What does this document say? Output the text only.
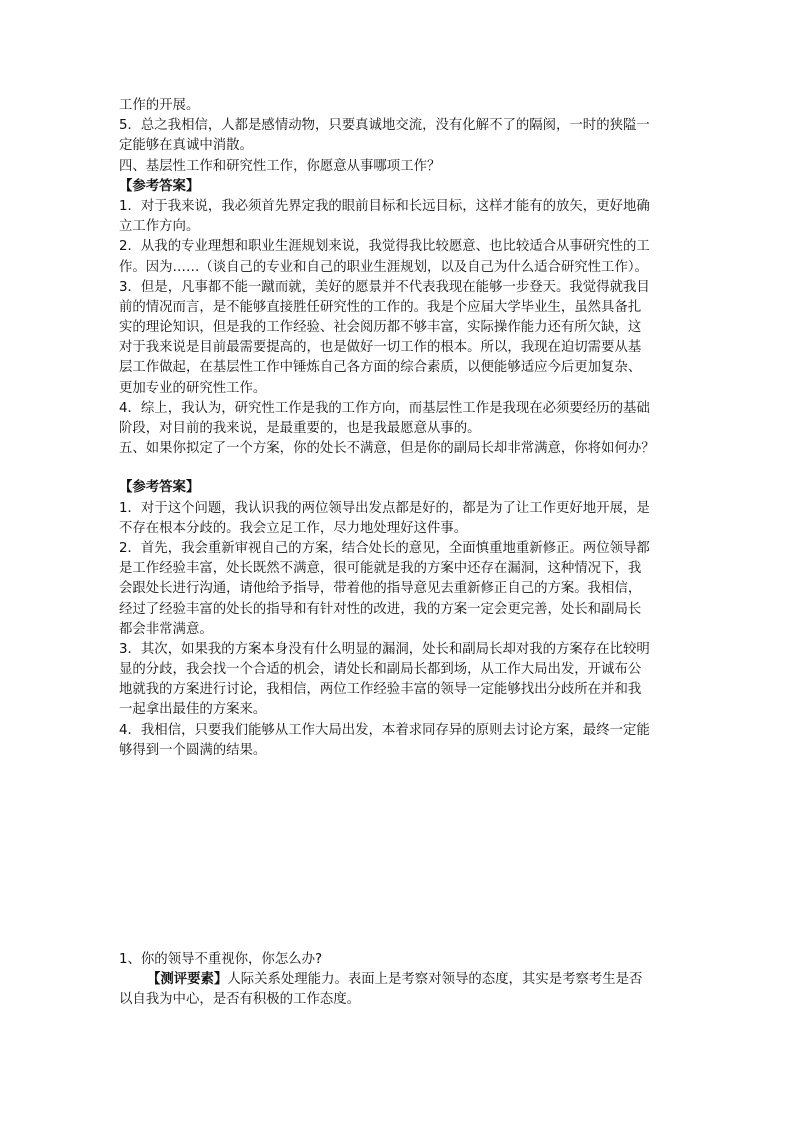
工作的开展。
5．总之我相信，人都是感情动物，只要真诚地交流，没有化解不了的隔阂，一时的狭隘一
定能够在真诚中消散。
四、基层性工作和研究性工作，你愿意从事哪项工作？
【参考答案】
1．对于我来说，我必须首先界定我的眼前目标和长远目标，这样才能有的放矢，更好地确
立工作方向。
2．从我的专业理想和职业生涯规划来说，我觉得我比较愿意、也比较适合从事研究性的工
作。因为……（谈自己的专业和自己的职业生涯规划，以及自己为什么适合研究性工作）。
3．但是，凡事都不能一蹴而就，美好的愿景并不代表我现在能够一步登天。我觉得就我目
前的情况而言，是不能够直接胜任研究性的工作的。我是个应届大学毕业生，虽然具备扎
实的理论知识，但是我的工作经验、社会阅历都不够丰富，实际操作能力还有所欠缺，这
对于我来说是目前最需要提高的，也是做好一切工作的根本。所以，我现在迫切需要从基
层工作做起，在基层性工作中锤炼自己各方面的综合素质，以便能够适应今后更加复杂、
更加专业的研究性工作。
4．综上，我认为，研究性工作是我的工作方向，而基层性工作是我现在必须要经历的基础
阶段，对目前的我来说，是最重要的，也是我最愿意从事的。
五、如果你拟定了一个方案，你的处长不满意，但是你的副局长却非常满意，你将如何办？
【参考答案】
1．对于这个问题，我认识我的两位领导出发点都是好的，都是为了让工作更好地开展，是
不存在根本分歧的。我会立足工作，尽力地处理好这件事。
2．首先，我会重新审视自己的方案，结合处长的意见，全面慎重地重新修正。两位领导都
是工作经验丰富，处长既然不满意，很可能就是我的方案中还存在漏洞，这种情况下，我
会跟处长进行沟通，请他给予指导，带着他的指导意见去重新修正自己的方案。我相信，
经过了经验丰富的处长的指导和有针对性的改进，我的方案一定会更完善，处长和副局长
都会非常满意。
3．其次，如果我的方案本身没有什么明显的漏洞，处长和副局长却对我的方案存在比较明
显的分歧，我会找一个合适的机会，请处长和副局长都到场，从工作大局出发，开诚布公
地就我的方案进行讨论，我相信，两位工作经验丰富的领导一定能够找出分歧所在并和我
一起拿出最佳的方案来。
4．我相信，只要我们能够从工作大局出发，本着求同存异的原则去讨论方案，最终一定能
够得到一个圆满的结果。
1、你的领导不重视你，你怎么办?
【测评要素】人际关系处理能力。表面上是考察对领导的态度，其实是考察考生是否
以自我为中心，是否有积极的工作态度。
